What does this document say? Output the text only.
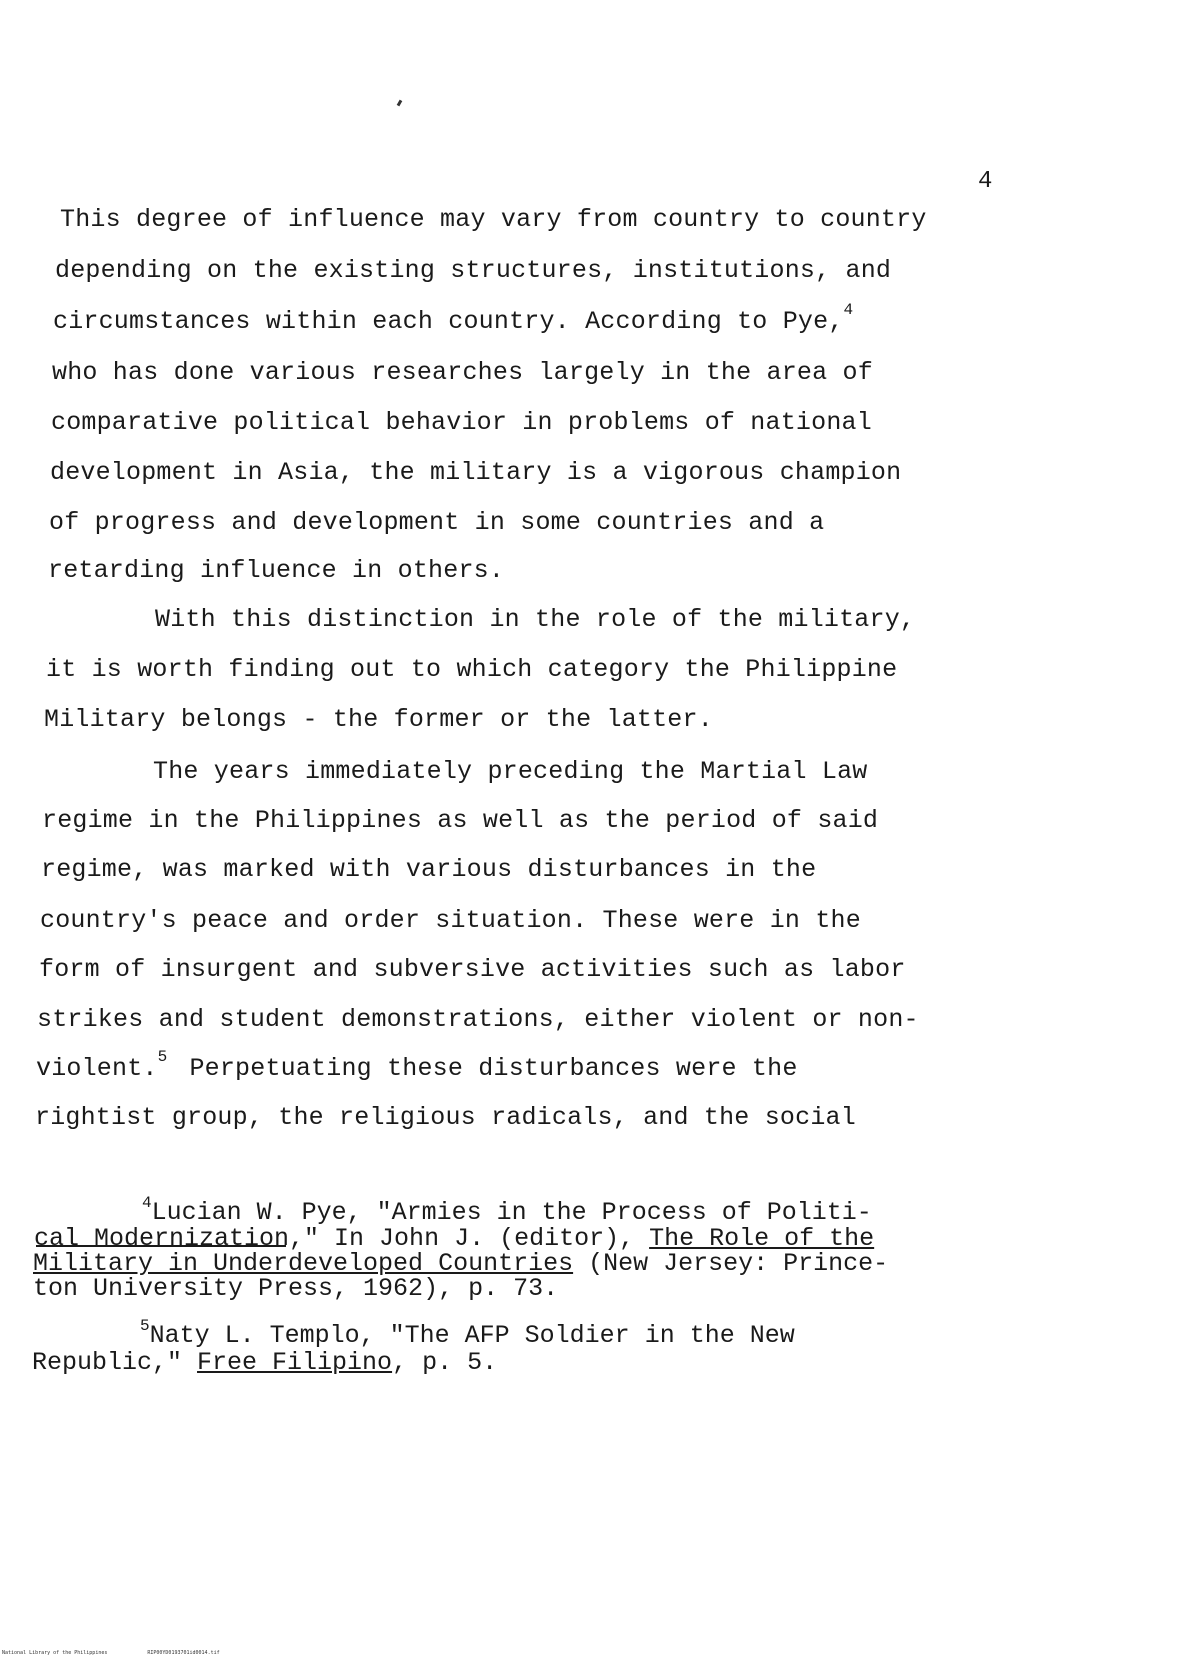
4
This degree of influence may vary from country to country
depending on the existing structures, institutions, and
circumstances within each country. According to Pye,$^4$
who has done various researches largely in the area of
comparative political behavior in problems of national
development in Asia, the military is a vigorous champion
of progress and development in some countries and a
retarding influence in others.
With this distinction in the role of the military,
it is worth finding out to which category the Philippine
Military belongs - the former or the latter.
The years immediately preceding the Martial Law
regime in the Philippines as well as the period of said
regime, was marked with various disturbances in the
country's peace and order situation. These were in the
form of insurgent and subversive activities such as labor
strikes and student demonstrations, either violent or non-
violent.$^5$ Perpetuating these disturbances were the
rightist group, the religious radicals, and the social
$^4$Lucian W. Pye, "Armies in the Process of Politi-
cal Modernization," In John J. (editor), The Role of the
Military in Underdeveloped Countries (New Jersey: Prince-
ton University Press, 1962), p. 73.
$^5$Naty L. Templo, "The AFP Soldier in the New
Republic," Free Filipino, p. 5.
National Library of the Philippines	RIP00YD0193701id0014.tif
